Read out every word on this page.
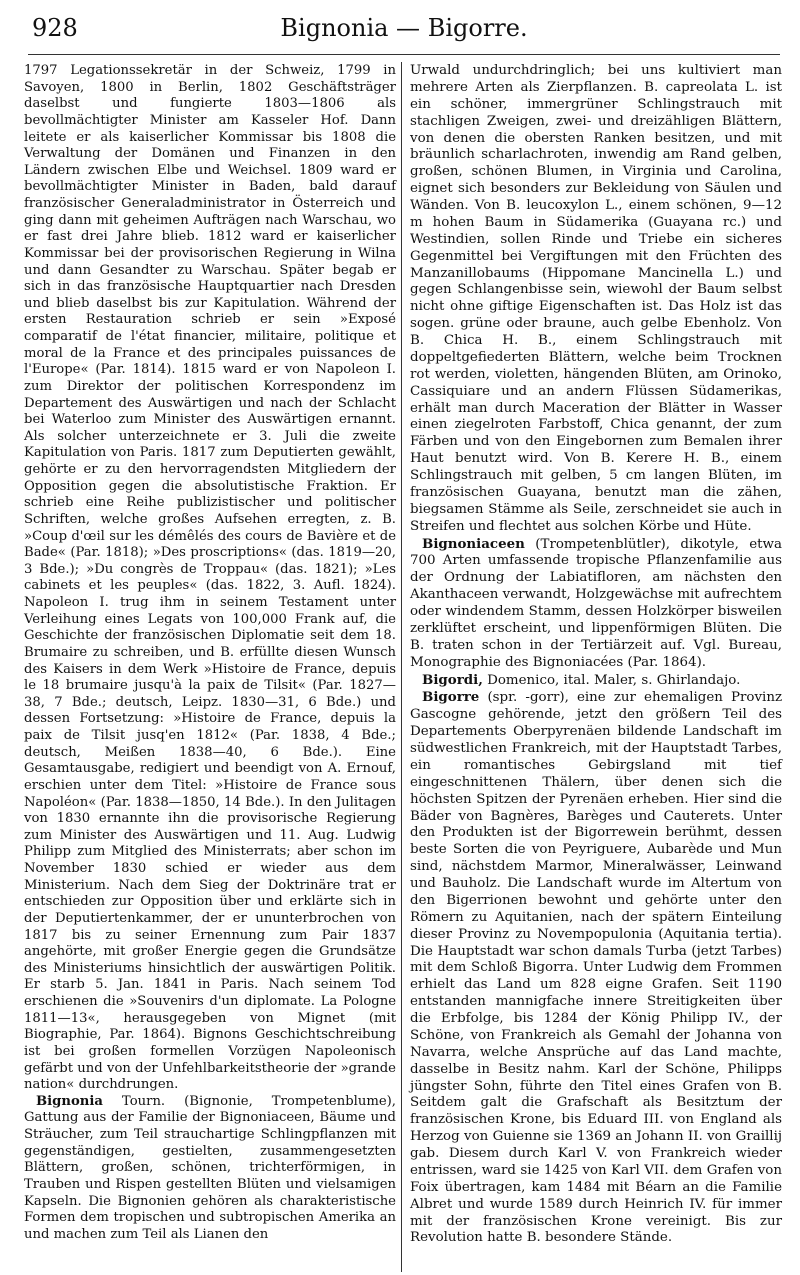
928	Bignonia — Bigorre.

1797 Legationssekretär in der Schweiz, 1799 in Savoyen, 1800 in Berlin, 1802 Geschäftsträger daselbst und fungierte 1803—1806 als bevollmächtigter Minister am Kasseler Hof. Dann leitete er als kaiserlicher Kommissar bis 1808 die Verwaltung der Domänen und Finanzen in den Ländern zwischen Elbe und Weichsel. 1809 ward er bevollmächtigter Minister in Baden, bald darauf französischer Generaladministrator in Österreich und ging dann mit geheimen Aufträgen nach Warschau, wo er fast drei Jahre blieb. 1812 ward er kaiserlicher Kommissar bei der provisorischen Regierung in Wilna und dann Gesandter zu Warschau. Später begab er sich in das französische Hauptquartier nach Dresden und blieb daselbst bis zur Kapitulation. Während der ersten Restauration schrieb er sein »Exposé comparatif de l'état financier, militaire, politique et moral de la France et des principales puissances de l'Europe« (Par. 1814). 1815 ward er von Napoleon I. zum Direktor der politischen Korrespondenz im Departement des Auswärtigen und nach der Schlacht bei Waterloo zum Minister des Auswärtigen ernannt. Als solcher unterzeichnete er 3. Juli die zweite Kapitulation von Paris. 1817 zum Deputierten gewählt, gehörte er zu den hervorragendsten Mitgliedern der Opposition gegen die absolutistische Fraktion. Er schrieb eine Reihe publizistischer und politischer Schriften, welche großes Aufsehen erregten, z. B. »Coup d'œil sur les démêlés des cours de Bavière et de Bade« (Par. 1818); »Des proscriptions« (das. 1819—20, 3 Bde.); »Du congrès de Troppau« (das. 1821); »Les cabinets et les peuples« (das. 1822, 3. Aufl. 1824). Napoleon I. trug ihm in seinem Testament unter Verleihung eines Legats von 100,000 Frank auf, die Geschichte der französischen Diplomatie seit dem 18. Brumaire zu schreiben, und B. erfüllte diesen Wunsch des Kaisers in dem Werk »Histoire de France, depuis le 18 brumaire jusqu'à la paix de Tilsit« (Par. 1827—38, 7 Bde.; deutsch, Leipz. 1830—31, 6 Bde.) und dessen Fortsetzung: »Histoire de France, depuis la paix de Tilsit jusq'en 1812« (Par. 1838, 4 Bde.; deutsch, Meißen 1838—40, 6 Bde.). Eine Gesamtausgabe, redigiert und beendigt von A. Ernouf, erschien unter dem Titel: »Histoire de France sous Napoléon« (Par. 1838—1850, 14 Bde.). In den Julitagen von 1830 ernannte ihn die provisorische Regierung zum Minister des Auswärtigen und 11. Aug. Ludwig Philipp zum Mitglied des Ministerrats; aber schon im November 1830 schied er wieder aus dem Ministerium. Nach dem Sieg der Doktrinäre trat er entschieden zur Opposition über und erklärte sich in der Deputiertenkammer, der er ununterbrochen von 1817 bis zu seiner Ernennung zum Pair 1837 angehörte, mit großer Energie gegen die Grundsätze des Ministeriums hinsichtlich der auswärtigen Politik. Er starb 5. Jan. 1841 in Paris. Nach seinem Tod erschienen die »Souvenirs d'un diplomate. La Pologne 1811—13«, herausgegeben von Mignet (mit Biographie, Par. 1864). Bignons Geschichtschreibung ist bei großen formellen Vorzügen Napoleonisch gefärbt und von der Unfehlbarkeitstheorie der »grande nation« durchdrungen.

Bignonia Tourn. (Bignonie, Trompetenblume), Gattung aus der Familie der Bignoniaceen, Bäume und Sträucher, zum Teil strauchartige Schlingpflanzen mit gegenständigen, gestielten, zusammengesetzten Blättern, großen, schönen, trichterförmigen, in Trauben und Rispen gestellten Blüten und vielsamigen Kapseln. Die Bignonien gehören als charakteristische Formen dem tropischen und subtropischen Amerika an und machen zum Teil als Lianen den

Urwald undurchdringlich; bei uns kultiviert man mehrere Arten als Zierpflanzen. B. capreolata L. ist ein schöner, immergrüner Schlingstrauch mit stachligen Zweigen, zwei- und dreizähligen Blättern, von denen die obersten Ranken besitzen, und mit bräunlich scharlachroten, inwendig am Rand gelben, großen, schönen Blumen, in Virginia und Carolina, eignet sich besonders zur Bekleidung von Säulen und Wänden. Von B. leucoxylon L., einem schönen, 9—12 m hohen Baum in Südamerika (Guayana rc.) und Westindien, sollen Rinde und Triebe ein sicheres Gegenmittel bei Vergiftungen mit den Früchten des Manzanillobaums (Hippomane Mancinella L.) und gegen Schlangenbisse sein, wiewohl der Baum selbst nicht ohne giftige Eigenschaften ist. Das Holz ist das sogen. grüne oder braune, auch gelbe Ebenholz. Von B. Chica H. B., einem Schlingstrauch mit doppeltgefiederten Blättern, welche beim Trocknen rot werden, violetten, hängenden Blüten, am Orinoko, Cassiquiare und an andern Flüssen Südamerikas, erhält man durch Maceration der Blätter in Wasser einen ziegelroten Farbstoff, Chica genannt, der zum Färben und von den Eingebornen zum Bemalen ihrer Haut benutzt wird. Von B. Kerere H. B., einem Schlingstrauch mit gelben, 5 cm langen Blüten, im französischen Guayana, benutzt man die zähen, biegsamen Stämme als Seile, zerschneidet sie auch in Streifen und flechtet aus solchen Körbe und Hüte.

Bignoniaceen (Trompetenblütler), dikotyle, etwa 700 Arten umfassende tropische Pflanzenfamilie aus der Ordnung der Labiatifloren, am nächsten den Akanthaceen verwandt, Holzgewächse mit aufrechtem oder windendem Stamm, dessen Holzkörper bisweilen zerklüftet erscheint, und lippenförmigen Blüten. Die B. traten schon in der Tertiärzeit auf. Vgl. Bureau, Monographie des Bignoniacées (Par. 1864).

Bigordi, Domenico, ital. Maler, s. Ghirlandajo.

Bigorre (spr. -gorr), eine zur ehemaligen Provinz Gascogne gehörende, jetzt den größern Teil des Departements Oberpyrenäen bildende Landschaft im südwestlichen Frankreich, mit der Hauptstadt Tarbes, ein romantisches Gebirgsland mit tief eingeschnittenen Thälern, über denen sich die höchsten Spitzen der Pyrenäen erheben. Hier sind die Bäder von Bagnères, Barèges und Cauterets. Unter den Produkten ist der Bigorrewein berühmt, dessen beste Sorten die von Peyriguere, Aubarède und Mun sind, nächstdem Marmor, Mineralwässer, Leinwand und Bauholz. Die Landschaft wurde im Altertum von den Bigerrionen bewohnt und gehörte unter den Römern zu Aquitanien, nach der spätern Einteilung dieser Provinz zu Novempopulonia (Aquitania tertia). Die Hauptstadt war schon damals Turba (jetzt Tarbes) mit dem Schloß Bigorra. Unter Ludwig dem Frommen erhielt das Land um 828 eigne Grafen. Seit 1190 entstanden mannigfache innere Streitigkeiten über die Erbfolge, bis 1284 der König Philipp IV., der Schöne, von Frankreich als Gemahl der Johanna von Navarra, welche Ansprüche auf das Land machte, dasselbe in Besitz nahm. Karl der Schöne, Philipps jüngster Sohn, führte den Titel eines Grafen von B. Seitdem galt die Grafschaft als Besitztum der französischen Krone, bis Eduard III. von England als Herzog von Guienne sie 1369 an Johann II. von Graillij gab. Diesem durch Karl V. von Frankreich wieder entrissen, ward sie 1425 von Karl VII. dem Grafen von Foix übertragen, kam 1484 mit Béarn an die Familie Albret und wurde 1589 durch Heinrich IV. für immer mit der französischen Krone vereinigt. Bis zur Revolution hatte B. besondere Stände.
